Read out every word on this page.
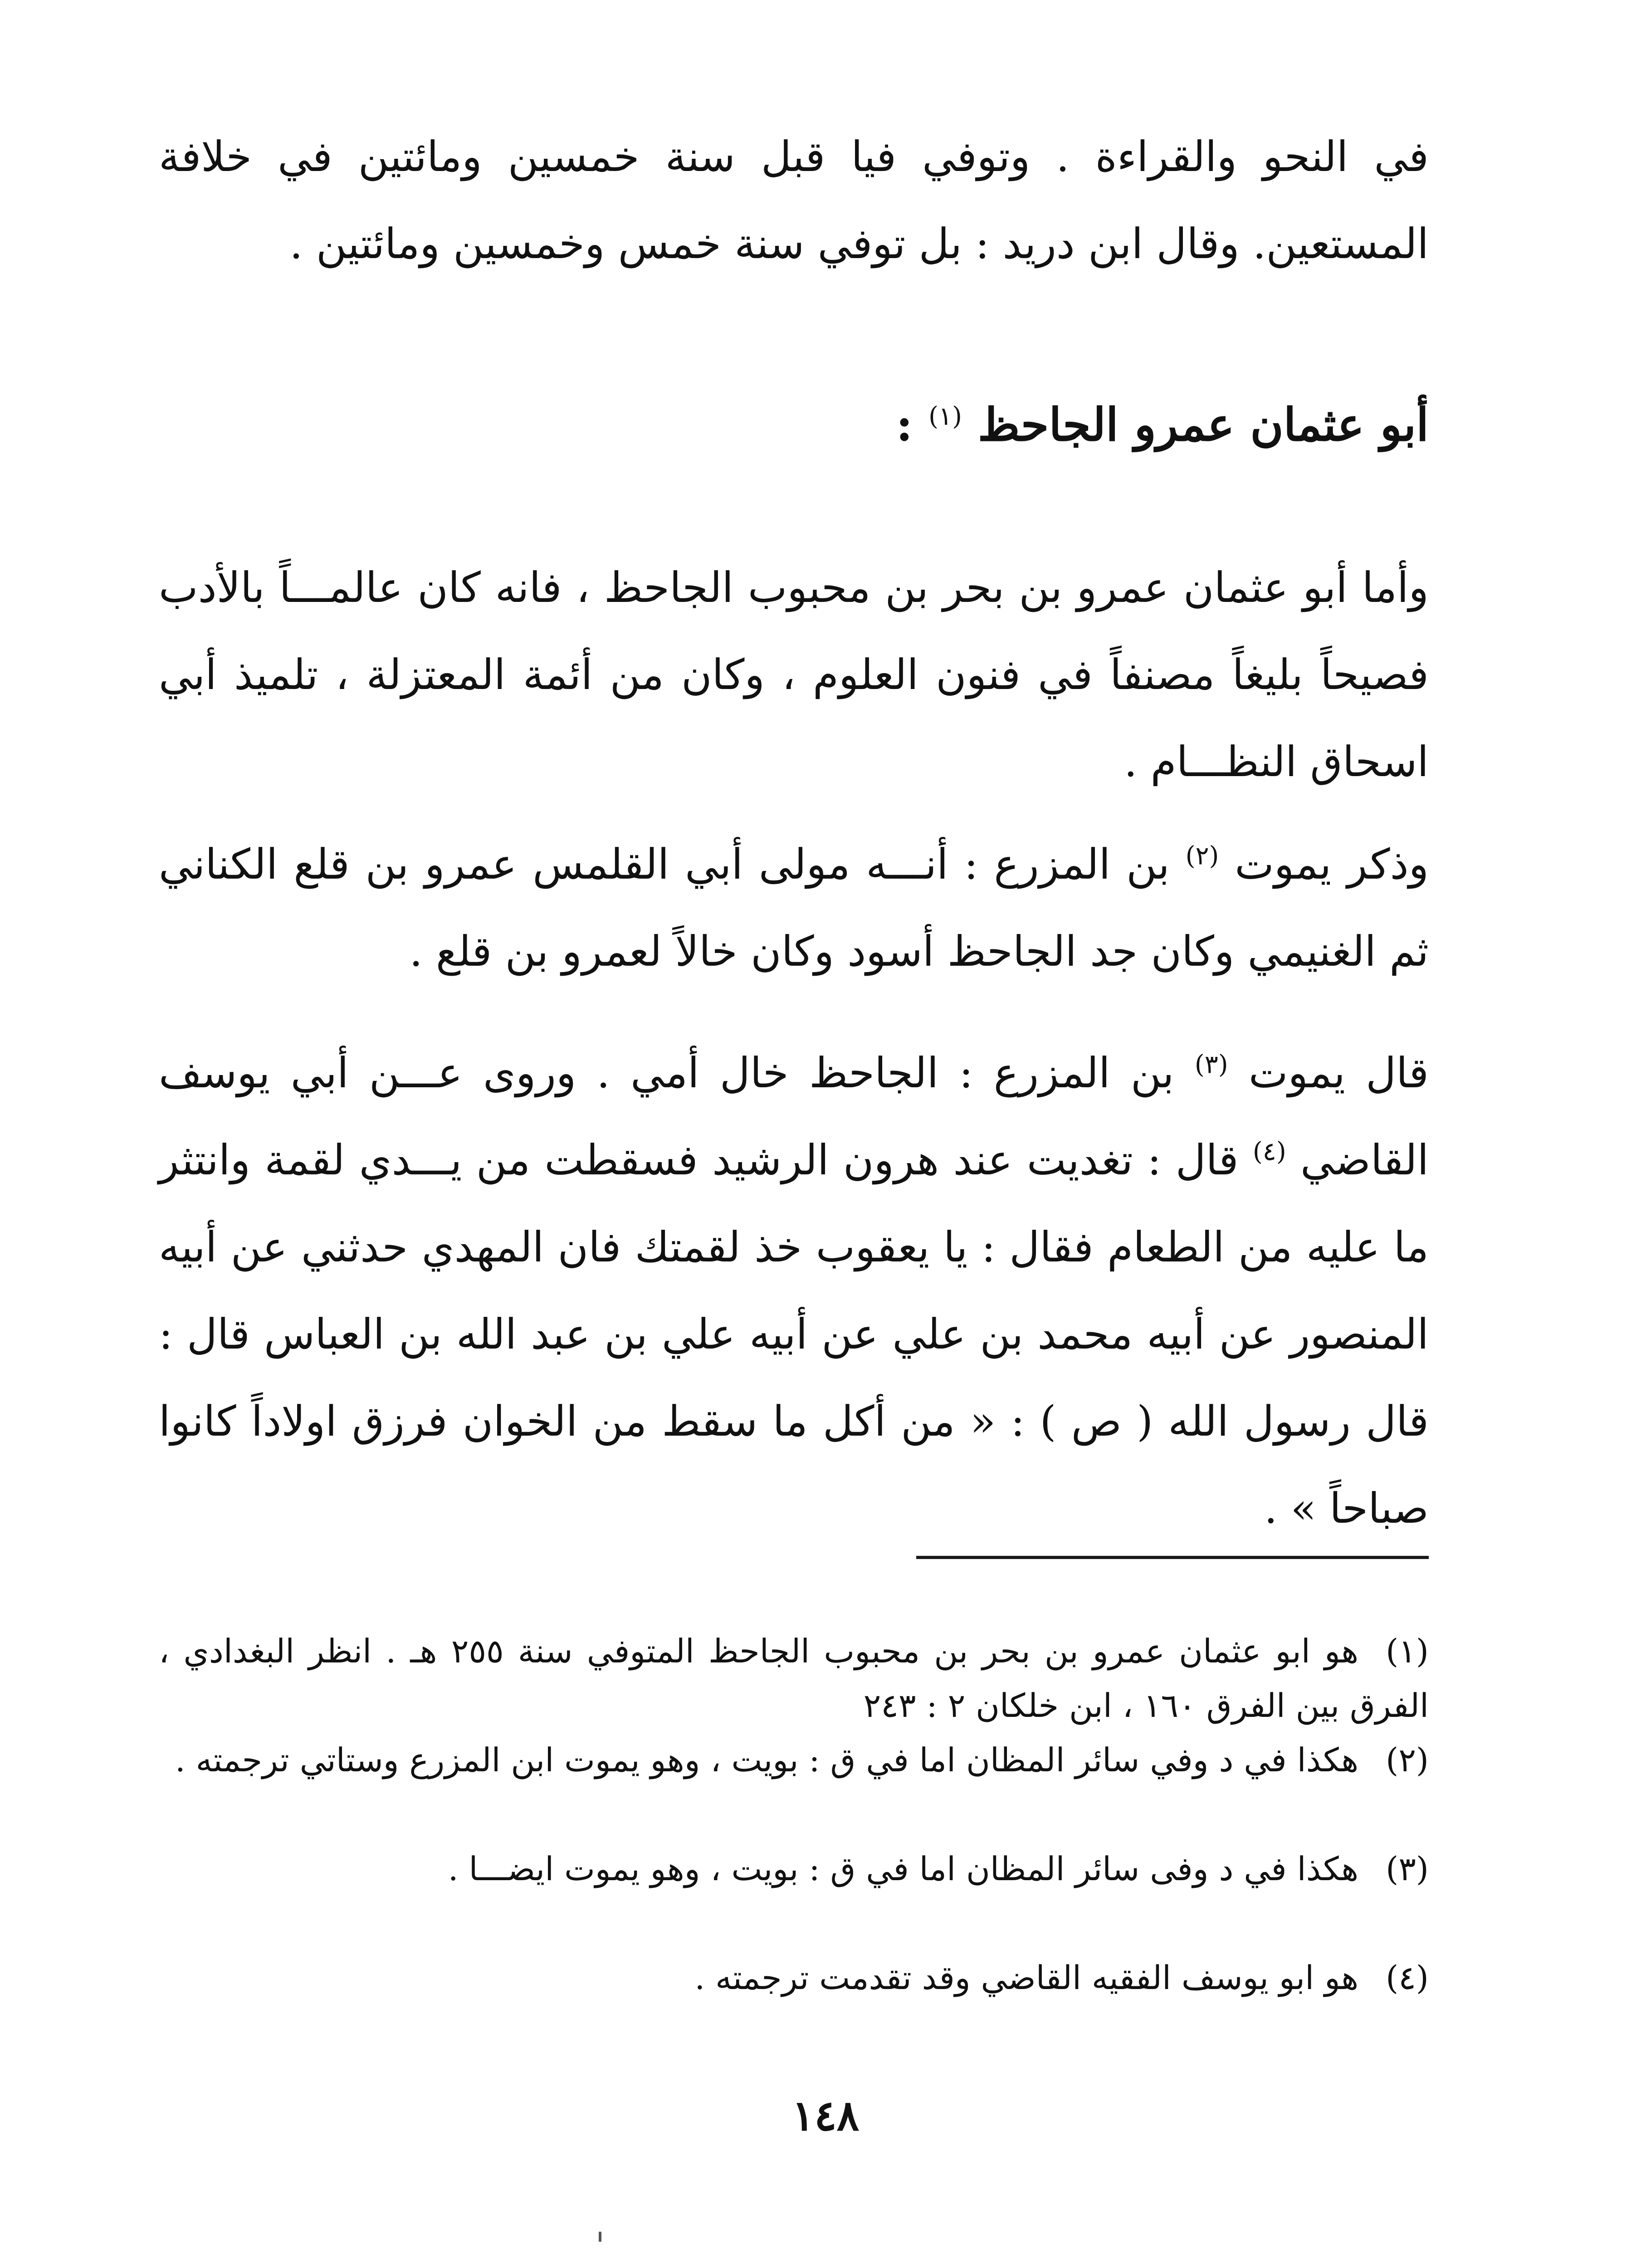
في النحو والقراءة . وتوفي فيا قبل سنة خمسين ومائتين في خلافة المستعين. وقال ابن دريد : بل توفي سنة خمس وخمسين ومائتين .

أبو عثمان عمرو الجاحظ $^{(١)}$ :

وأما أبو عثمان عمرو بن بحر بن محبوب الجاحظ ، فانه كان عالمـــاً بالأدب فصيحاً بليغاً مصنفاً في فنون العلوم ، وكان من أئمة المعتزلة ، تلميذ أبي اسحاق النظـــام .

وذكر يموت $^{(٢)}$ بن المزرع : أنـــه مولى أبي القلمس عمرو بن قلع الكناني ثم الغنيمي وكان جد الجاحظ أسود وكان خالاً لعمرو بن قلع .

قال يموت $^{(٣)}$ بن المزرع : الجاحظ خال أمي . وروى عـــن أبي يوسف القاضي $^{(٤)}$ قال : تغديت عند هرون الرشيد فسقطت من يـــدي لقمة وانتثر ما عليه من الطعام فقال : يا يعقوب خذ لقمتك فان المهدي حدثني عن أبيه المنصور عن أبيه محمد بن علي عن أبيه علي بن عبد الله بن العباس قال : قال رسول الله ( ص ) : « من أكل ما سقط من الخوان فرزق اولاداً كانوا صباحاً » .

(١)هو ابو عثمان عمرو بن بحر بن محبوب الجاحظ المتوفي سنة ٢٥٥ هـ . انظر البغدادي ، الفرق بين الفرق ١٦٠ ، ابن خلكان ٢ : ٢٤٣

(٢)هكذا في د وفي سائر المظان اما في ق : بويت ، وهو يموت ابن المزرع وستاتي ترجمته .

(٣)هكذا في د وفى سائر المظان اما في ق : بويت ، وهو يموت ايضـــا .

(٤)هو ابو يوسف الفقيه القاضي وقد تقدمت ترجمته .

١٤٨
